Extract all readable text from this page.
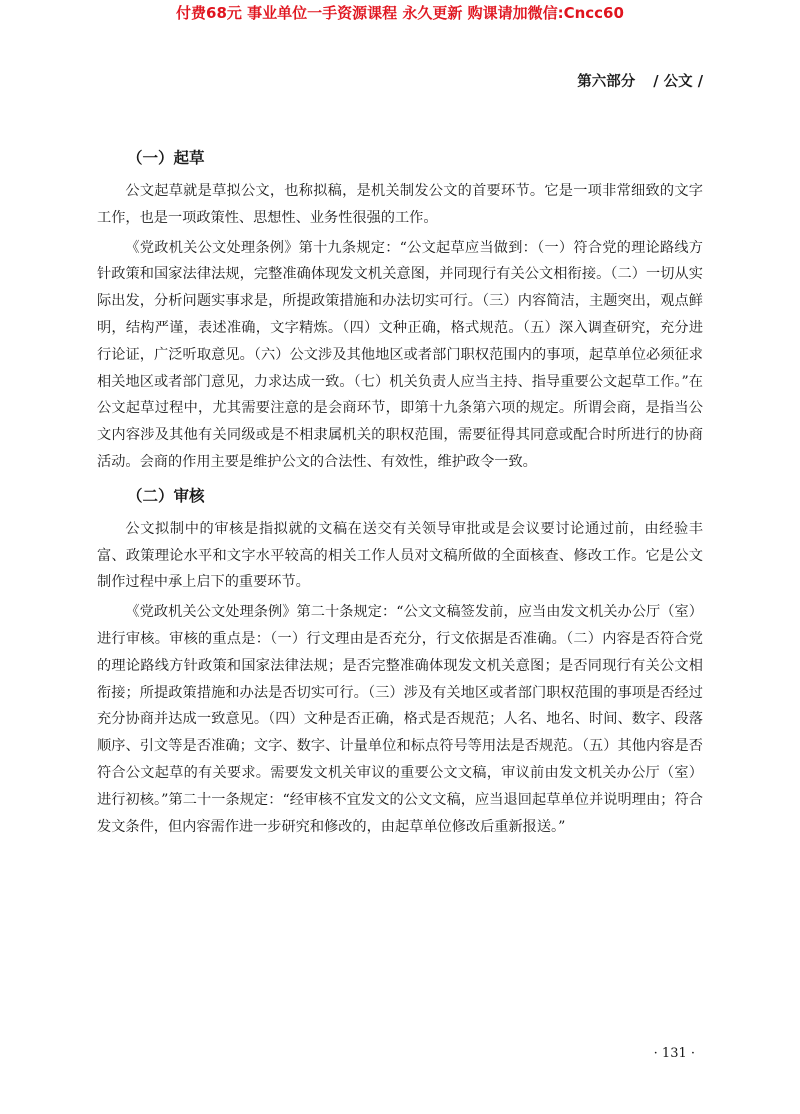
付费68元 事业单位一手资源课程 永久更新 购课请加微信:Cncc60
第六部分 / 公文 /
（一）起草

公文起草就是草拟公文，也称拟稿，是机关制发公文的首要环节。它是一项非常细致的文字工作，也是一项政策性、思想性、业务性很强的工作。

《党政机关公文处理条例》第十九条规定：“公文起草应当做到：（一）符合党的理论路线方针政策和国家法律法规，完整准确体现发文机关意图，并同现行有关公文相衔接。（二）一切从实际出发，分析问题实事求是，所提政策措施和办法切实可行。（三）内容简洁，主题突出，观点鲜明，结构严谨，表述准确，文字精炼。（四）文种正确，格式规范。（五）深入调查研究，充分进行论证，广泛听取意见。（六）公文涉及其他地区或者部门职权范围内的事项，起草单位必须征求相关地区或者部门意见，力求达成一致。（七）机关负责人应当主持、指导重要公文起草工作。”在公文起草过程中，尤其需要注意的是会商环节，即第十九条第六项的规定。所谓会商，是指当公文内容涉及其他有关同级或是不相隶属机关的职权范围，需要征得其同意或配合时所进行的协商活动。会商的作用主要是维护公文的合法性、有效性，维护政令一致。

（二）审核

公文拟制中的审核是指拟就的文稿在送交有关领导审批或是会议要讨论通过前，由经验丰富、政策理论水平和文字水平较高的相关工作人员对文稿所做的全面核查、修改工作。它是公文制作过程中承上启下的重要环节。

《党政机关公文处理条例》第二十条规定：“公文文稿签发前，应当由发文机关办公厅（室）进行审核。审核的重点是：（一）行文理由是否充分，行文依据是否准确。（二）内容是否符合党的理论路线方针政策和国家法律法规；是否完整准确体现发文机关意图；是否同现行有关公文相衔接；所提政策措施和办法是否切实可行。（三）涉及有关地区或者部门职权范围的事项是否经过充分协商并达成一致意见。（四）文种是否正确，格式是否规范；人名、地名、时间、数字、段落顺序、引文等是否准确；文字、数字、计量单位和标点符号等用法是否规范。（五）其他内容是否符合公文起草的有关要求。需要发文机关审议的重要公文文稿，审议前由发文机关办公厅（室）进行初核。”第二十一条规定：“经审核不宜发文的公文文稿，应当退回起草单位并说明理由；符合发文条件，但内容需作进一步研究和修改的，由起草单位修改后重新报送。”

· 131 ·
